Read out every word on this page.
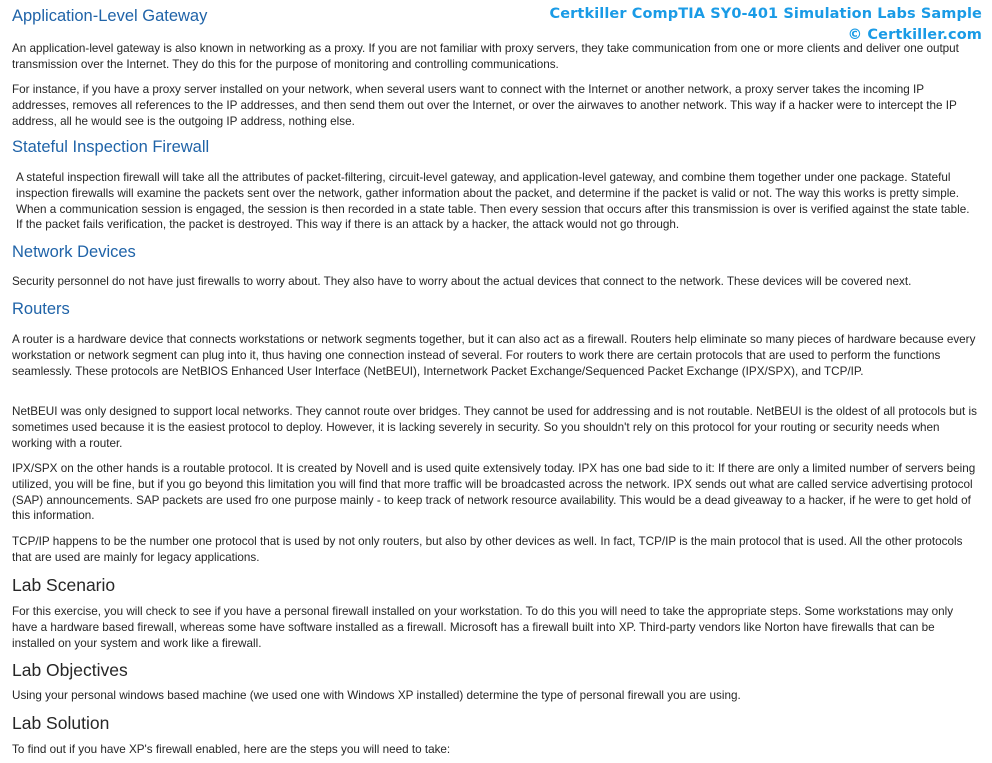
Certkiller CompTIA SY0-401 Simulation Labs Sample
© Certkiller.com
Application-Level Gateway

An application-level gateway is also known in networking as a proxy. If you are not familiar with proxy servers, they take communication from one or more clients and deliver one output transmission over the Internet. They do this for the purpose of monitoring and controlling communications.

For instance, if you have a proxy server installed on your network, when several users want to connect with the Internet or another network, a proxy server takes the incoming IP addresses, removes all references to the IP addresses, and then send them out over the Internet, or over the airwaves to another network. This way if a hacker were to intercept the IP address, all he would see is the outgoing IP address, nothing else.

Stateful Inspection Firewall

A stateful inspection firewall will take all the attributes of packet-filtering, circuit-level gateway, and application-level gateway, and combine them together under one package. Stateful inspection firewalls will examine the packets sent over the network, gather information about the packet, and determine if the packet is valid or not. The way this works is pretty simple. When a communication session is engaged, the session is then recorded in a state table. Then every session that occurs after this transmission is over is verified against the state table. If the packet fails verification, the packet is destroyed. This way if there is an attack by a hacker, the attack would not go through.

Network Devices

Security personnel do not have just firewalls to worry about. They also have to worry about the actual devices that connect to the network. These devices will be covered next.

Routers

A router is a hardware device that connects workstations or network segments together, but it can also act as a firewall. Routers help eliminate so many pieces of hardware because every workstation or network segment can plug into it, thus having one connection instead of several. For routers to work there are certain protocols that are used to perform the functions seamlessly. These protocols are NetBIOS Enhanced User Interface (NetBEUI), Internetwork Packet Exchange/Sequenced Packet Exchange (IPX/SPX), and TCP/IP.

NetBEUI was only designed to support local networks. They cannot route over bridges. They cannot be used for addressing and is not routable. NetBEUI is the oldest of all protocols but is sometimes used because it is the easiest protocol to deploy. However, it is lacking severely in security. So you shouldn't rely on this protocol for your routing or security needs when working with a router.

IPX/SPX on the other hands is a routable protocol. It is created by Novell and is used quite extensively today. IPX has one bad side to it: If there are only a limited number of servers being utilized, you will be fine, but if you go beyond this limitation you will find that more traffic will be broadcasted across the network. IPX sends out what are called service advertising protocol (SAP) announcements. SAP packets are used fro one purpose mainly - to keep track of network resource availability. This would be a dead giveaway to a hacker, if he were to get hold of this information.

TCP/IP happens to be the number one protocol that is used by not only routers, but also by other devices as well. In fact, TCP/IP is the main protocol that is used. All the other protocols that are used are mainly for legacy applications.

Lab Scenario

For this exercise, you will check to see if you have a personal firewall installed on your workstation. To do this you will need to take the appropriate steps. Some workstations may only have a hardware based firewall, whereas some have software installed as a firewall. Microsoft has a firewall built into XP. Third-party vendors like Norton have firewalls that can be installed on your system and work like a firewall.

Lab Objectives

Using your personal windows based machine (we used one with Windows XP installed) determine the type of personal firewall you are using.

Lab Solution

To find out if you have XP's firewall enabled, here are the steps you will need to take:
